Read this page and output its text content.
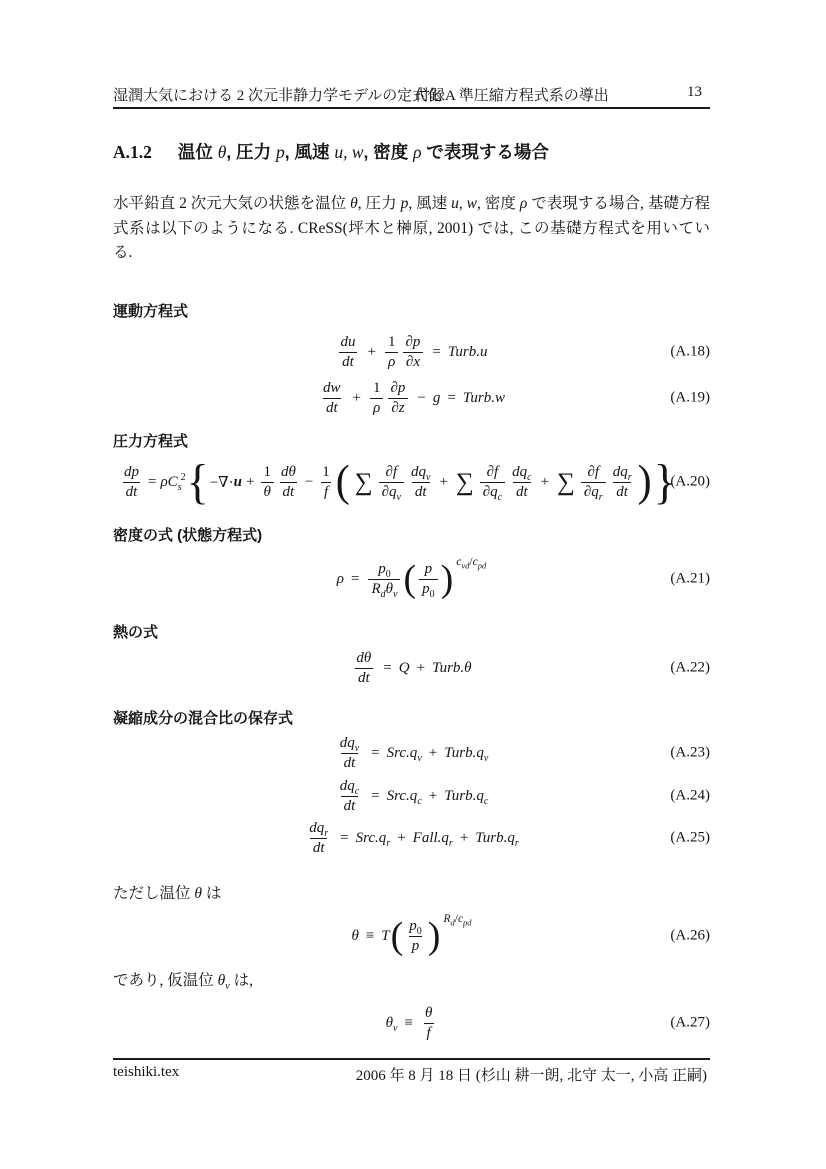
湿潤大気における 2 次元非静力学モデルの定式化
付録A 準圧縮方程式系の導出	13
A.1.2 温位 θ, 圧力 p, 風速 u, w, 密度 ρ で表現する場合
水平鉛直 2 次元大気の状態を温位 θ, 圧力 p, 風速 u, w, 密度 ρ で表現する場合, 基礎方程式系は以下のようになる. CReSS(坪木と榊原, 2001) では, この基礎方程式を用いている.
運動方程式
$\frac{du}{dt} + \frac{1}{\rho} \frac{\partial p}{\partial x}$ = Turb.u	(A.18)
$\frac{dw}{dt} + \frac{1}{\rho} \frac{\partial p}{\partial z} - g$ = Turb.w	(A.19)
圧力方程式
$\frac{dp}{dt} = \rho C_s^2$ { −∇· $u + \frac{1}{\theta} \frac{d\theta}{dt} - \frac{1}{f}$ ( ∑ $\frac{\partial f}{\partial q_v} \frac{dq_v}{dt}$ + ∑ $\frac{\partial f}{\partial q_c} \frac{dq_c}{dt}$ + ∑ $\frac{\partial f}{\partial q_r} \frac{dq_r}{dt}$ ) }
(A.20)
密度の式 (状態方程式)
$\rho = \frac{p_0}{R_d\theta_v}$ ( $\frac{p}{p_0}$ ) $c_{vd}/c_{pd}$
(A.21)
熱の式
$\frac{d\theta}{dt} = Q$ + Turb.θ	(A.22)
凝縮成分の混合比の保存式
$\frac{dq_v}{dt} = Src.q_v$ + $Turb.q_v$	(A.23)
$\frac{dq_c}{dt} = Src.q_c$ + $Turb.q_c$	(A.24)
$\frac{dq_r}{dt} = Src.q_r$ + $Fall.q_r$ + $Turb.q_r$	(A.25)
ただし温位 θ は
θ ≡ T ( $\frac{p_0}{p}$ ) $R_d/c_{pd}$
(A.26)
であり, 仮温位 $\theta_v$ は,
$\theta_v \equiv \frac{\theta}{f}$	(A.27)
teishiki.tex	2006 年 8 月 18 日 (杉山 耕一朗, 北守 太一, 小高 正嗣)
